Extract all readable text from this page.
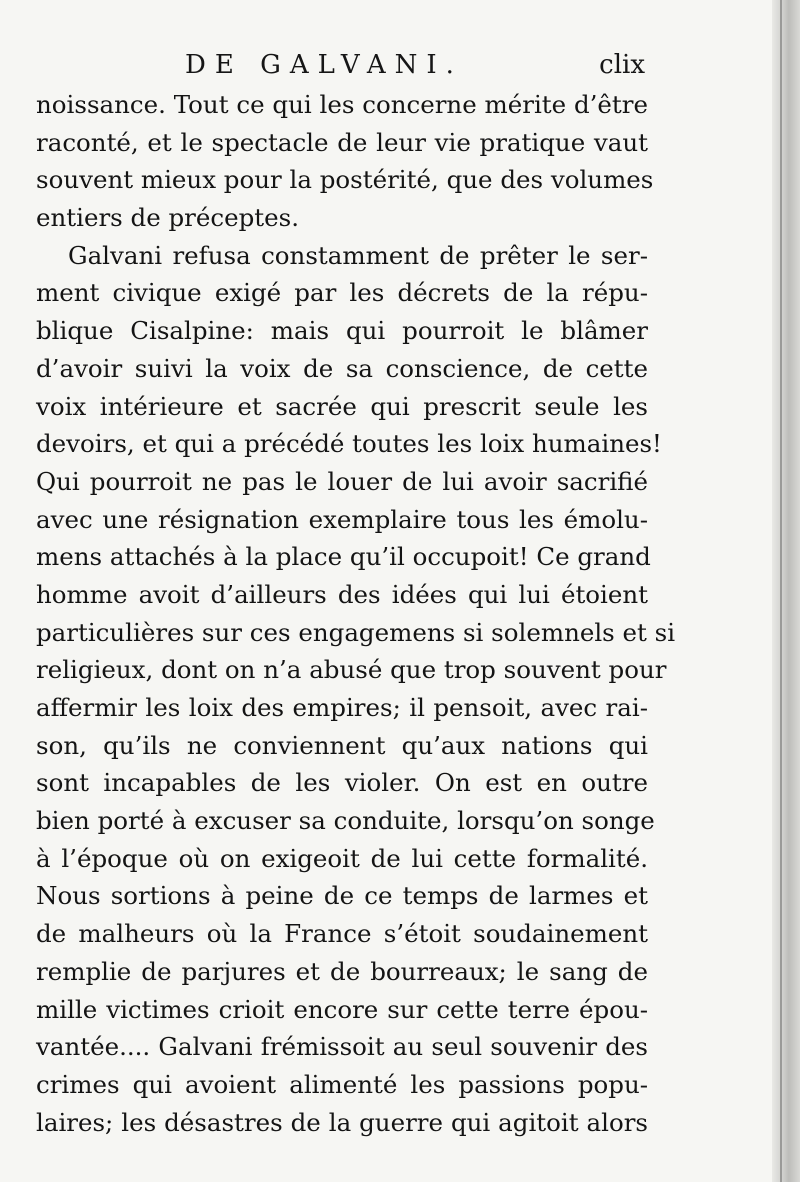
DE GALVANI.	clix
noissance. Tout ce qui les concerne mérite d’être
raconté, et le spectacle de leur vie pratique vaut
souvent mieux pour la postérité, que des volumes
entiers de préceptes.
Galvani refusa constamment de prêter le ser-
ment civique exigé par les décrets de la répu-
blique Cisalpine: mais qui pourroit le blâmer
d’avoir suivi la voix de sa conscience, de cette
voix intérieure et sacrée qui prescrit seule les
devoirs, et qui a précédé toutes les loix humaines!
Qui pourroit ne pas le louer de lui avoir sacrifié
avec une résignation exemplaire tous les émolu-
mens attachés à la place qu’il occupoit! Ce grand
homme avoit d’ailleurs des idées qui lui étoient
particulières sur ces engagemens si solemnels et si
religieux, dont on n’a abusé que trop souvent pour
affermir les loix des empires; il pensoit, avec rai-
son, qu’ils ne conviennent qu’aux nations qui
sont incapables de les violer. On est en outre
bien porté à excuser sa conduite, lorsqu’on songe
à l’époque où on exigeoit de lui cette formalité.
Nous sortions à peine de ce temps de larmes et
de malheurs où la France s’étoit soudainement
remplie de parjures et de bourreaux; le sang de
mille victimes crioit encore sur cette terre épou-
vantée.... Galvani frémissoit au seul souvenir des
crimes qui avoient alimenté les passions popu-
laires; les désastres de la guerre qui agitoit alors
